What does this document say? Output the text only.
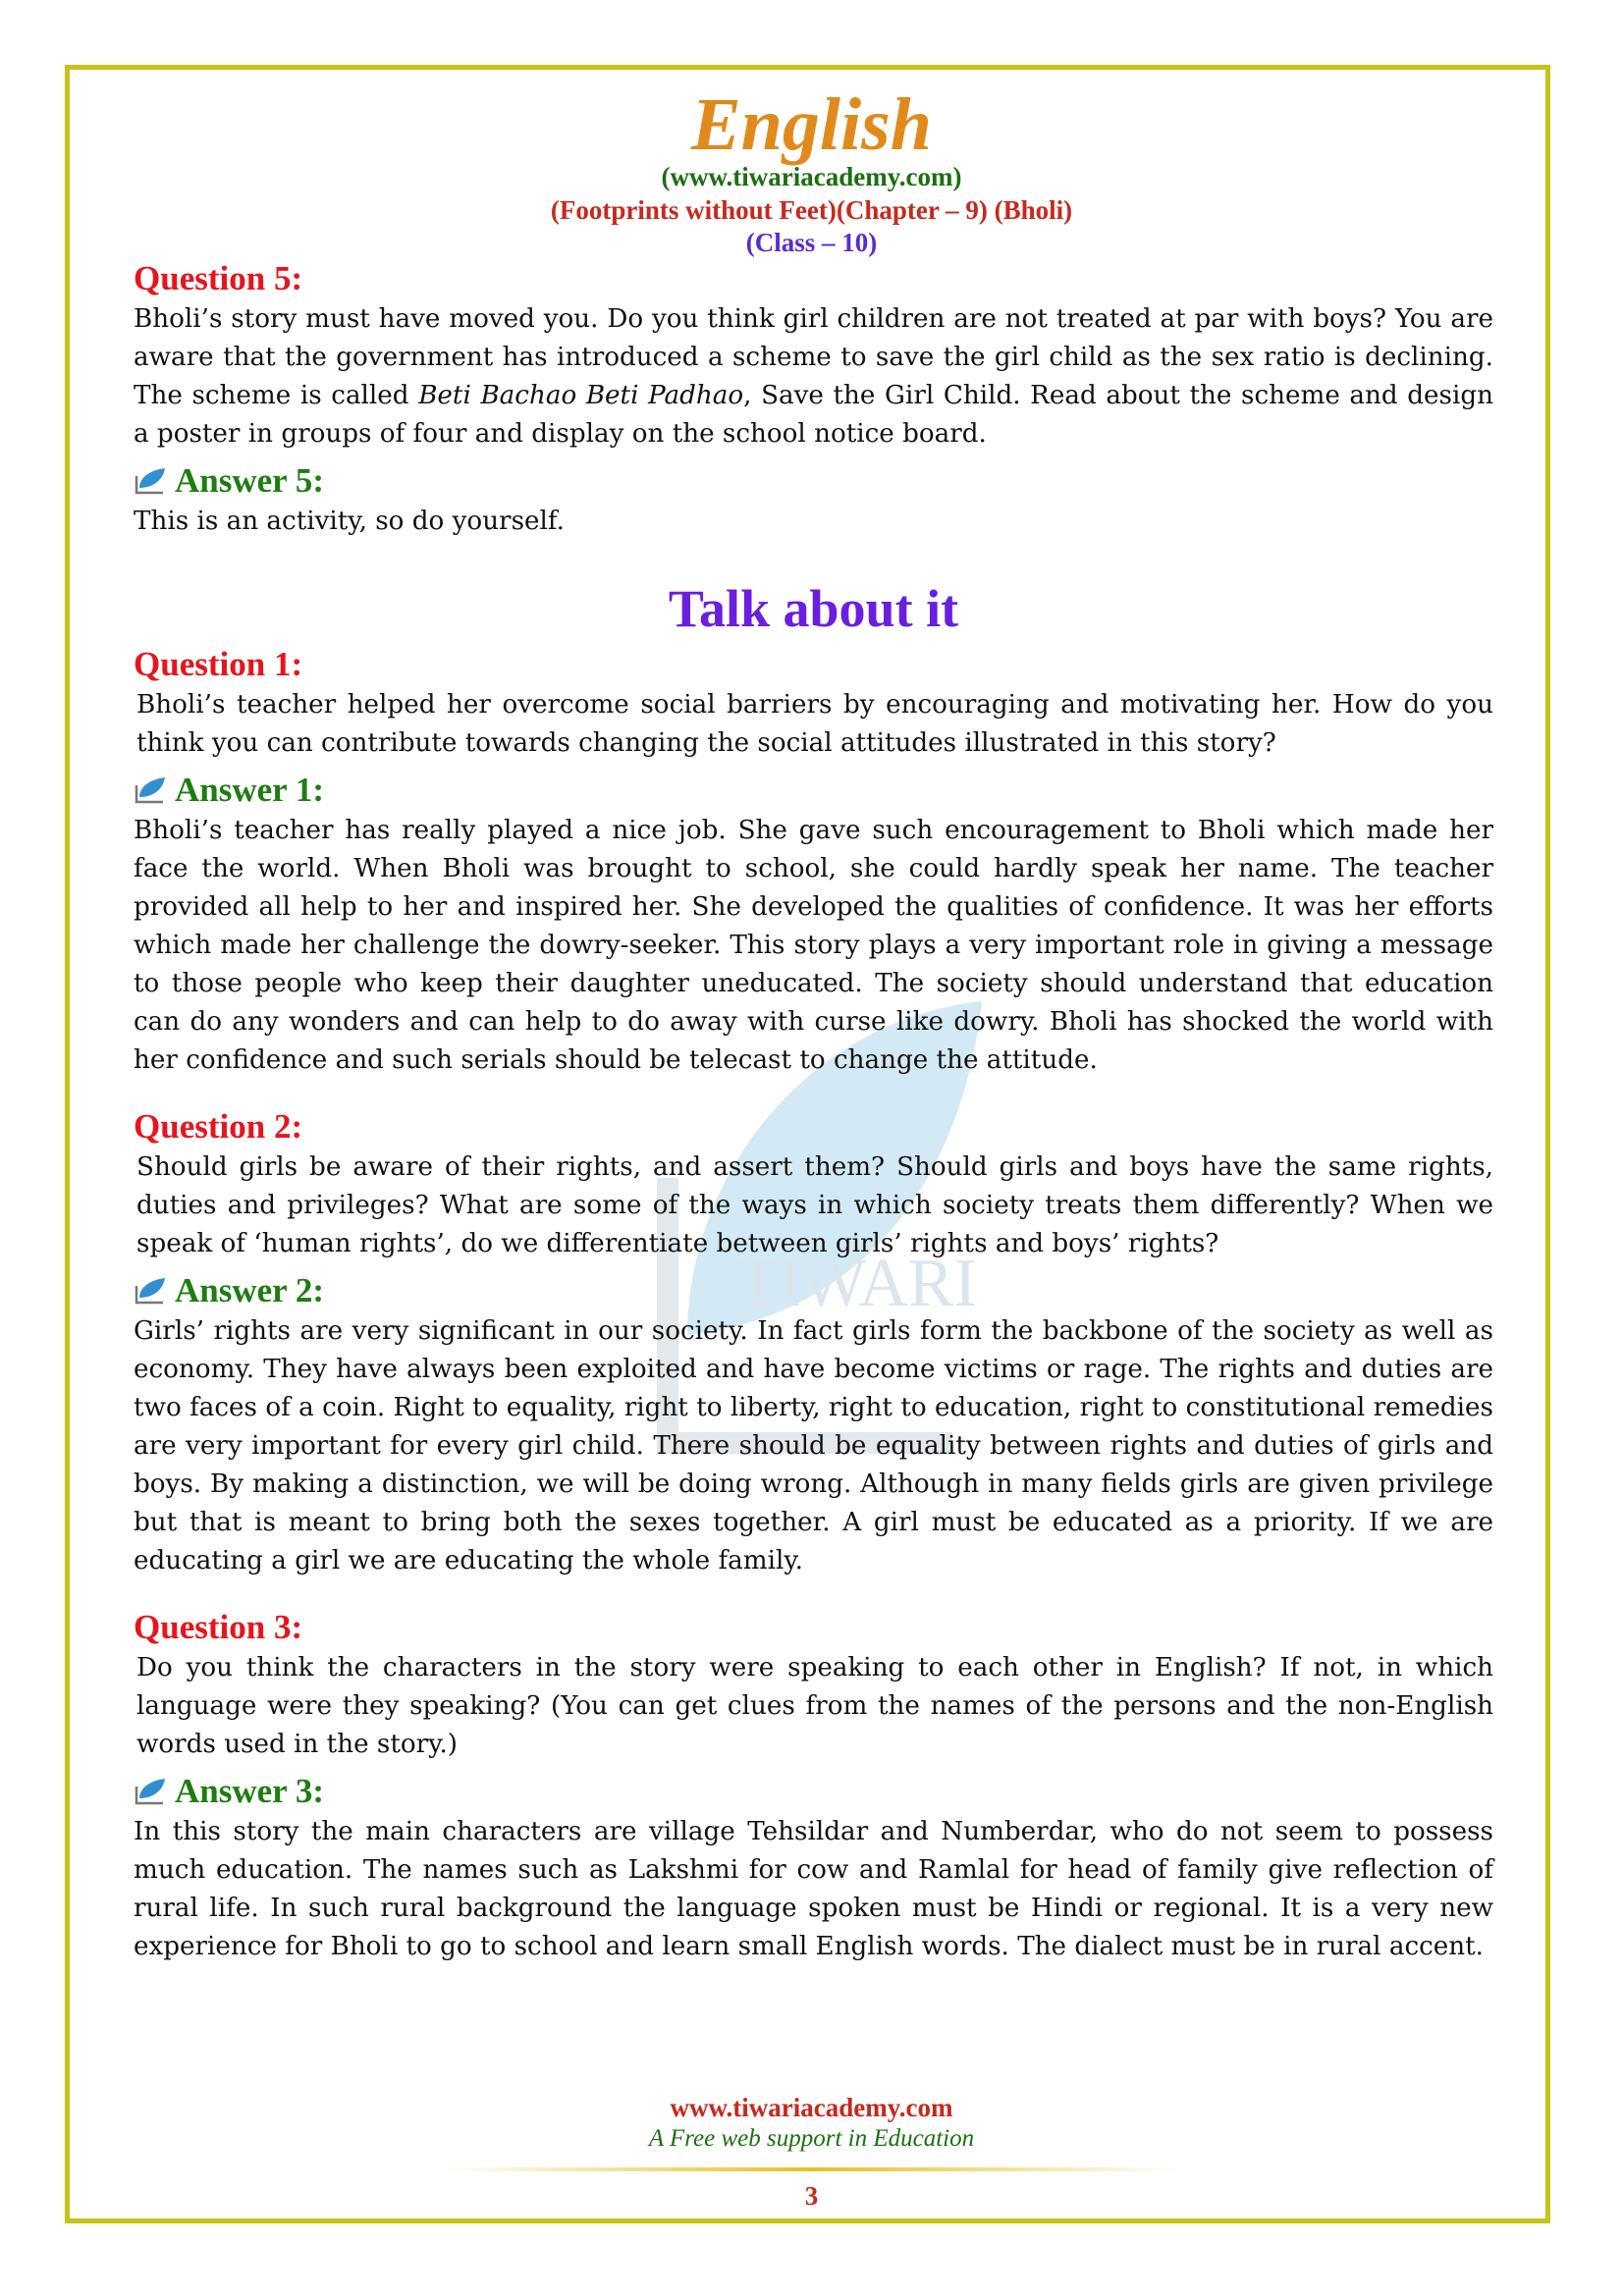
TIWARI
English
(www.tiwariacademy.com)
(Footprints without Feet)(Chapter – 9) (Bholi)
(Class – 10)

Question 5:

Bholi’s story must have moved you. Do you think girl children are not treated at par with boys? You are aware that the government has introduced a scheme to save the girl child as the sex ratio is declining. The scheme is called Beti Bachao Beti Padhao, Save the Girl Child. Read about the scheme and design a poster in groups of four and display on the school notice board.

Answer 5:

This is an activity, so do yourself.

Talk about it

Question 1:

Bholi’s teacher helped her overcome social barriers by encouraging and motivating her. How do you think you can contribute towards changing the social attitudes illustrated in this story?

Answer 1:

Bholi’s teacher has really played a nice job. She gave such encouragement to Bholi which made her face the world. When Bholi was brought to school, she could hardly speak her name. The teacher provided all help to her and inspired her. She developed the qualities of confidence. It was her efforts which made her challenge the dowry-seeker. This story plays a very important role in giving a message to those people who keep their daughter uneducated. The society should understand that education can do any wonders and can help to do away with curse like dowry. Bholi has shocked the world with her confidence and such serials should be telecast to change the attitude.

Question 2:

Should girls be aware of their rights, and assert them? Should girls and boys have the same rights, duties and privileges? What are some of the ways in which society treats them differently? When we speak of ‘human rights’, do we differentiate between girls’ rights and boys’ rights?

Answer 2:

Girls’ rights are very significant in our society. In fact girls form the backbone of the society as well as economy. They have always been exploited and have become victims or rage. The rights and duties are two faces of a coin. Right to equality, right to liberty, right to education, right to constitutional remedies are very important for every girl child. There should be equality between rights and duties of girls and boys. By making a distinction, we will be doing wrong. Although in many fields girls are given privilege but that is meant to bring both the sexes together. A girl must be educated as a priority. If we are educating a girl we are educating the whole family.

Question 3:

Do you think the characters in the story were speaking to each other in English? If not, in which language were they speaking? (You can get clues from the names of the persons and the non-English words used in the story.)

Answer 3:

In this story the main characters are village Tehsildar and Numberdar, who do not seem to possess much education. The names such as Lakshmi for cow and Ramlal for head of family give reflection of rural life. In such rural background the language spoken must be Hindi or regional. It is a very new experience for Bholi to go to school and learn small English words. The dialect must be in rural accent.

www.tiwariacademy.com
A Free web support in Education
3
